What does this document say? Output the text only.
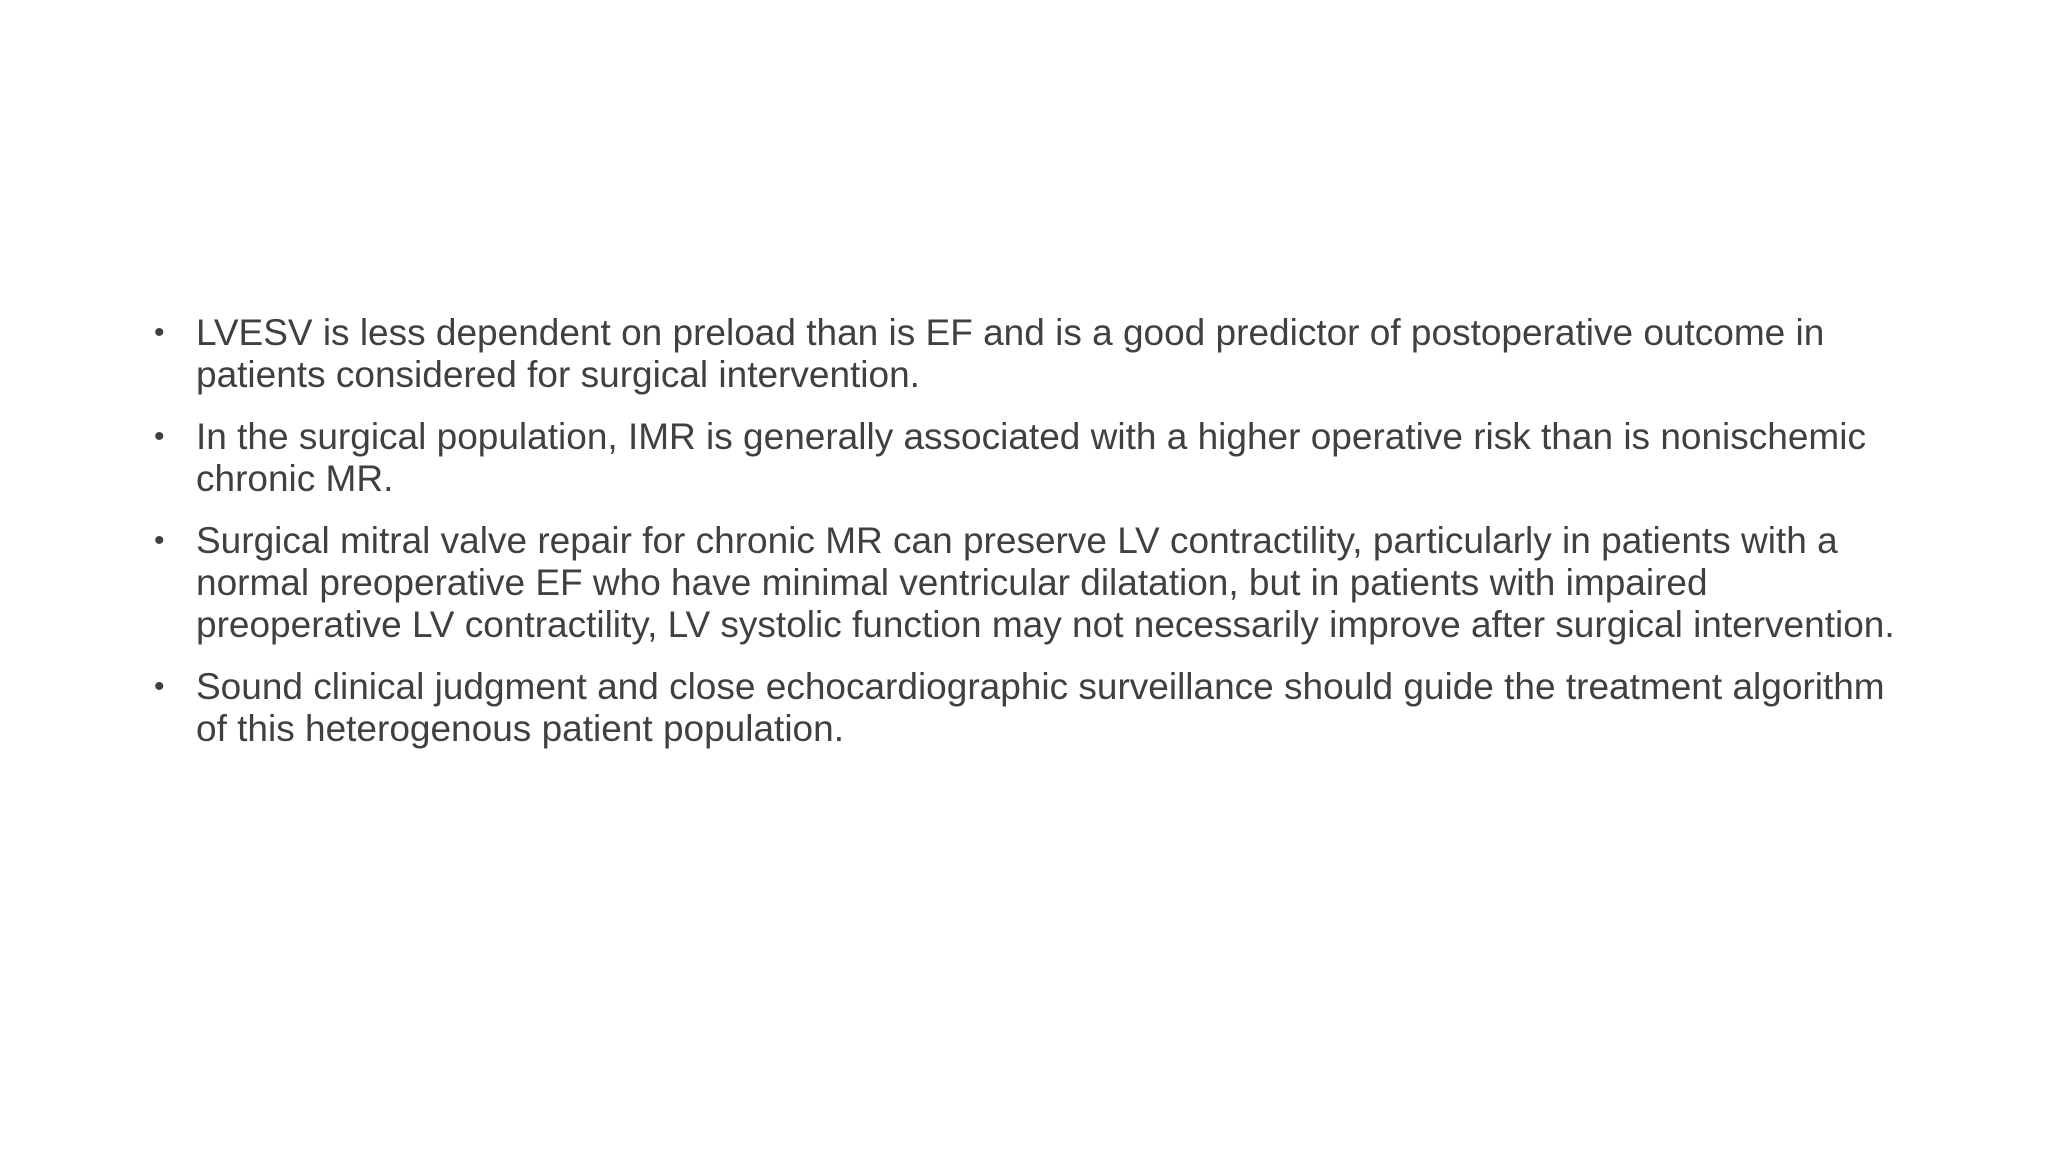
• LVESV is less dependent on preload than is EF and is a good predictor of postoperative outcome in patients considered for surgical intervention.
• In the surgical population, IMR is generally associated with a higher operative risk than is nonischemic chronic MR.
• Surgical mitral valve repair for chronic MR can preserve LV contractility, particularly in patients with a normal preoperative EF who have minimal ventricular dilatation, but in patients with impaired preoperative LV contractility, LV systolic function may not necessarily improve after surgical intervention.
• Sound clinical judgment and close echocardiographic surveillance should guide the treatment algorithm of this heterogenous patient population.
